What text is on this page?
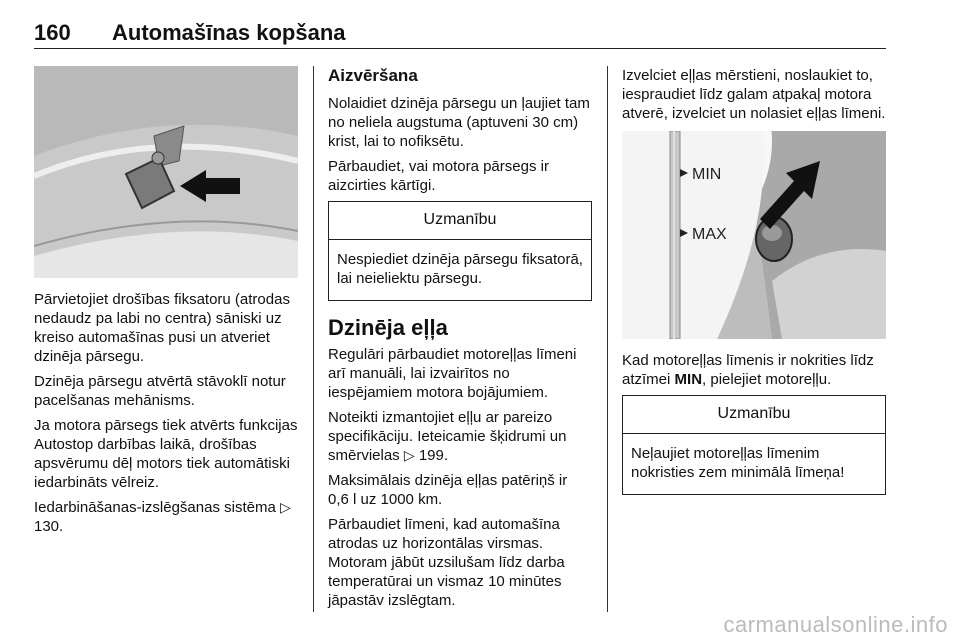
160 Automašīnas kopšana

Pārvietojiet drošības fiksatoru (atrodas nedaudz pa labi no centra) sāniski uz kreiso automašīnas pusi un atveriet dzinēja pārsegu.

Dzinēja pārsegu atvērtā stāvoklī notur pacelšanas mehānisms.

Ja motora pārsegs tiek atvērts funkcijas Autostop darbības laikā, drošības apsvērumu dēļ motors tiek automātiski iedarbināts vēlreiz.

Iedarbināšanas-izslēgšanas sistēma ▷ 130.

Aizvēršana

Nolaidiet dzinēja pārsegu un ļaujiet tam no neliela augstuma (aptuveni 30 cm) krist, lai to nofiksētu.

Pārbaudiet, vai motora pārsegs ir aizcirties kārtīgi.

Uzmanību
Nespiediet dzinēja pārsegu fiksatorā, lai neieliektu pārsegu.
Dzinēja eļļa

Regulāri pārbaudiet motoreļļas līmeni arī manuāli, lai izvairītos no iespējamiem motora bojājumiem.

Noteikti izmantojiet eļļu ar pareizo specifikāciju. Ieteicamie šķidrumi un smērvielas ▷ 199.

Maksimālais dzinēja eļļas patēriņš ir 0,6 l uz 1000 km.

Pārbaudiet līmeni, kad automašīna atrodas uz horizontālas virsmas. Motoram jābūt uzsilušam līdz darba temperatūrai un vismaz 10 minūtes jāpastāv izslēgtam.

Izvelciet eļļas mērstieni, noslaukiet to, iespraudiet līdz galam atpakaļ motora atverē, izvelciet un nolasiet eļļas līmeni.

MIN
MAX

Kad motoreļļas līmenis ir nokrities līdz atzīmei MIN, pielejiet motoreļļu.

Uzmanību
Neļaujiet motoreļļas līmenim nokristies zem minimālā līmeņa!
carmanualsonline.info
